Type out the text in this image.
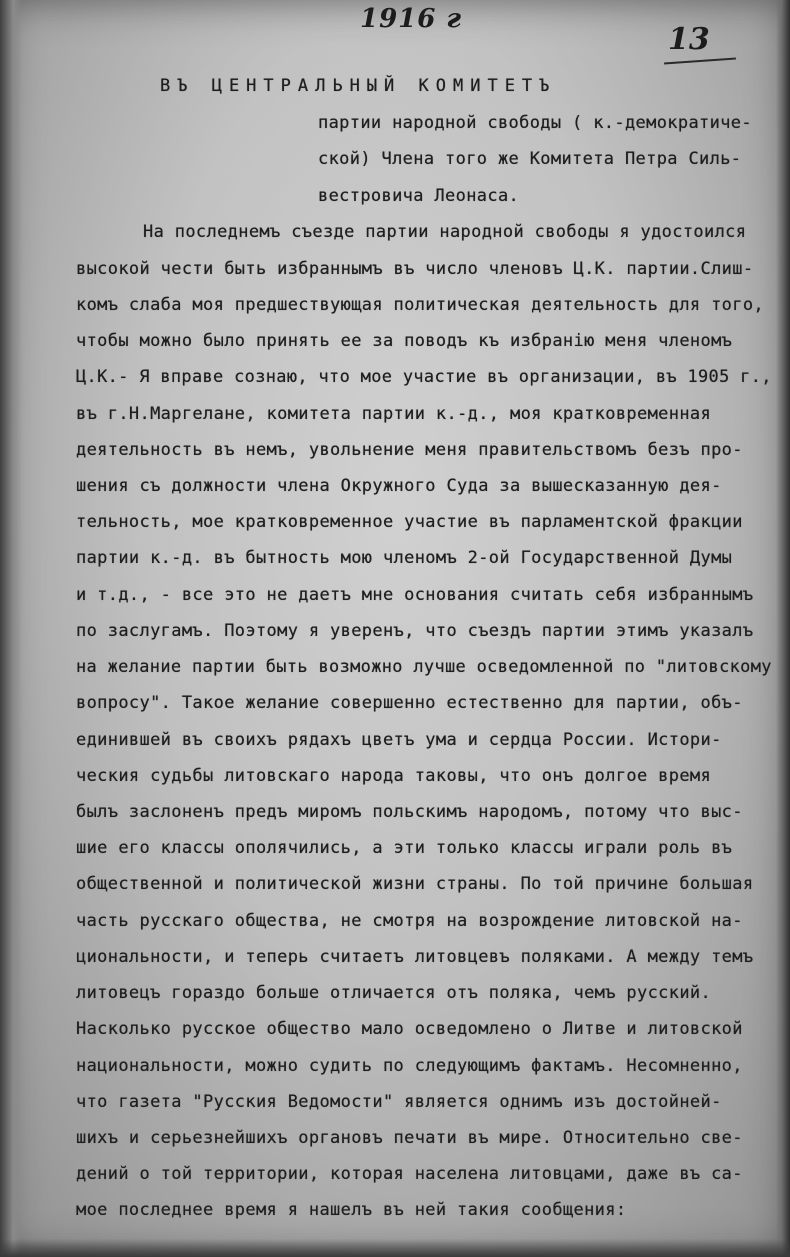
1916 г
13
ВЪ ЦЕНТРАЛЬНЫЙ КОМИТЕТЪ
партии народной свободы ( к.-демократиче-
ской) Члена того же Комитета Петра Силь-
вестровича Леонаса.
На последнемъ съезде партии народной свободы я удостоился
высокой чести быть избраннымъ въ число членовъ Ц.К. партии.Слиш-
комъ слаба моя предшествующая политическая деятельность для того,
чтобы можно было принять ее за поводъ къ избранiю меня членомъ
Ц.К.- Я вправе сознаю, что мое участие въ организации, въ 1905 г.,
въ г.Н.Маргелане, комитета партии к.-д., моя кратковременная
деятельность въ немъ, увольнение меня правительствомъ безъ про-
шения съ должности члена Окружного Суда за вышесказанную дея-
тельность, мое кратковременное участие въ парламентской фракции
партии к.-д. въ бытность мою членомъ 2-ой Государственной Думы
и т.д., - все это не даетъ мне основания считать себя избраннымъ
по заслугамъ. Поэтому я увeренъ, что съездъ партии этимъ указалъ
на желание партии быть возможно лучше осведомленной по "литовскому
вопросу". Такое желание совершенно естественно для партии, объ-
единившей въ своихъ рядахъ цветъ ума и сердца России. Истори-
ческия судьбы литовскаго народа таковы, что онъ долгое время
былъ заслоненъ предъ миромъ польскимъ народомъ, потому что выс-
шие его классы ополячились, а эти только классы играли роль въ
общественной и политической жизни страны. По той причине большая
часть русскаго общества, не смотря на возрождение литовской на-
циональности, и теперь считаетъ литовцевъ поляками. А между темъ
литовецъ гораздо больше отличается отъ поляка, чемъ русский.
Насколько русское общество мало осведомлено о Литве и литовской
национальности, можно судить по следующимъ фактамъ. Несомненно,
что газета "Русския Ведомости" является однимъ изъ достойней-
шихъ и серьезнейшихъ органовъ печати въ мире. Относительно све-
дений о той территории, которая населена литовцами, даже въ са-
мое последнее время я нашелъ въ ней такия сообщения:
